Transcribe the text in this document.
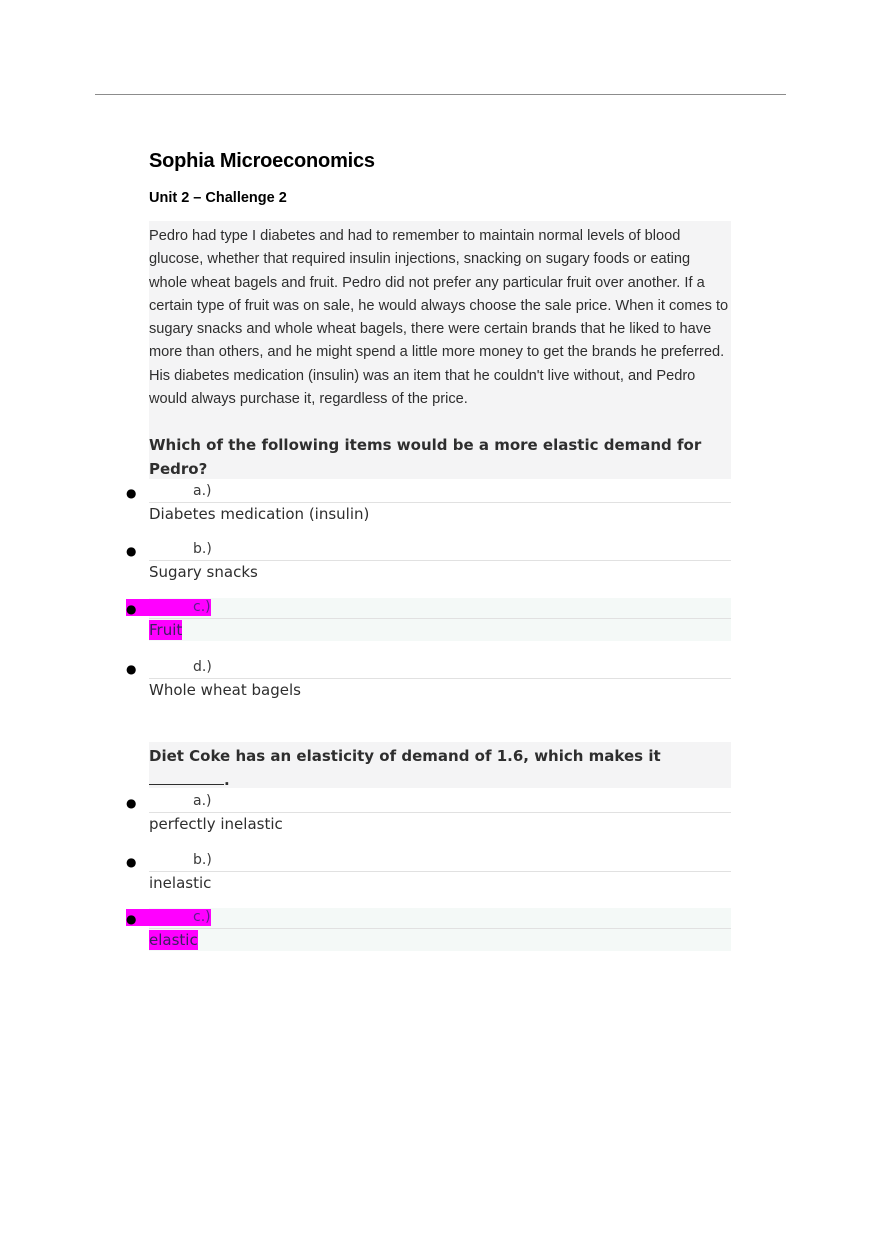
Sophia Microeconomics
Unit 2 – Challenge 2

Pedro had type I diabetes and had to remember to maintain normal levels of blood glucose, whether that required insulin injections, snacking on sugary foods or eating whole wheat bagels and fruit. Pedro did not prefer any particular fruit over another. If a certain type of fruit was on sale, he would always choose the sale price. When it comes to sugary snacks and whole wheat bagels, there were certain brands that he liked to have more than others, and he might spend a little more money to get the brands he preferred. His diabetes medication (insulin) was an item that he couldn't live without, and Pedro would always purchase it, regardless of the price.

Which of the following items would be a more elastic demand for Pedro?

●	a.)
Diabetes medication (insulin)
●	b.)
Sugary snacks
●	c.)
Fruit
●	d.)
Whole wheat bagels

Diet Coke has an elasticity of demand of 1.6, which makes it
.

●	a.)
perfectly inelastic
●	b.)
inelastic
●	c.)
elastic
